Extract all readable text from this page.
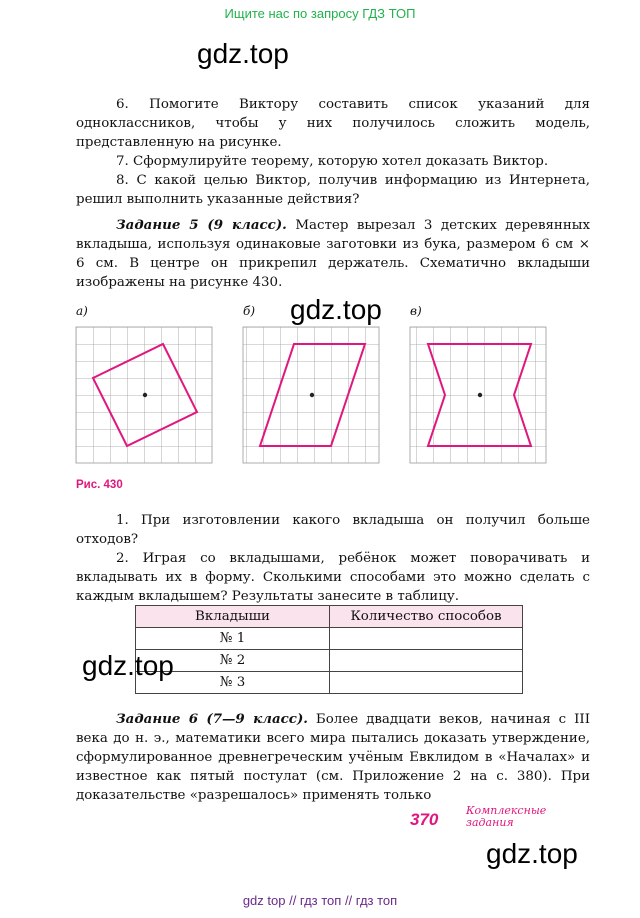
Ищите нас по запросу ГДЗ ТОП
gdz.top

6. Помогите Виктору составить список указаний для одноклассников, чтобы у них получилось сложить модель, представленную на рисунке.

7. Сформулируйте теорему, которую хотел доказать Виктор.

8. С какой целью Виктор, получив информацию из Интернета, решил выполнить указанные действия?

Задание 5 (9 класс). Мастер вырезал 3 детских деревянных вкладыша, используя одинаковые заготовки из бука, размером 6 см × 6 см. В центре он прикрепил держатель. Схематично вкладыши изображены на рисунке 430.

gdz.top
а)	б)	в)
Рис. 430

1. При изготовлении какого вкладыша он получил больше отходов?

2. Играя со вкладышами, ребёнок может поворачивать и вкладывать их в форму. Сколькими способами это можно сделать с каждым вкладышем? Результаты занесите в таблицу.

Вкладыши	Количество способов
№ 1	
№ 2	
№ 3	
gdz.top

Задание 6 (7—9 класс). Более двадцати веков, начиная с III века до н. э., математики всего мира пытались доказать утверждение, сформулированное древнегреческим учёным Евклидом в «Началах» и известное как пятый постулат (см. Приложение 2 на с. 380). При доказательстве «разрешалось» применять только

370	Комплексные
задания
gdz.top
gdz top // гдз топ // гдз топ
